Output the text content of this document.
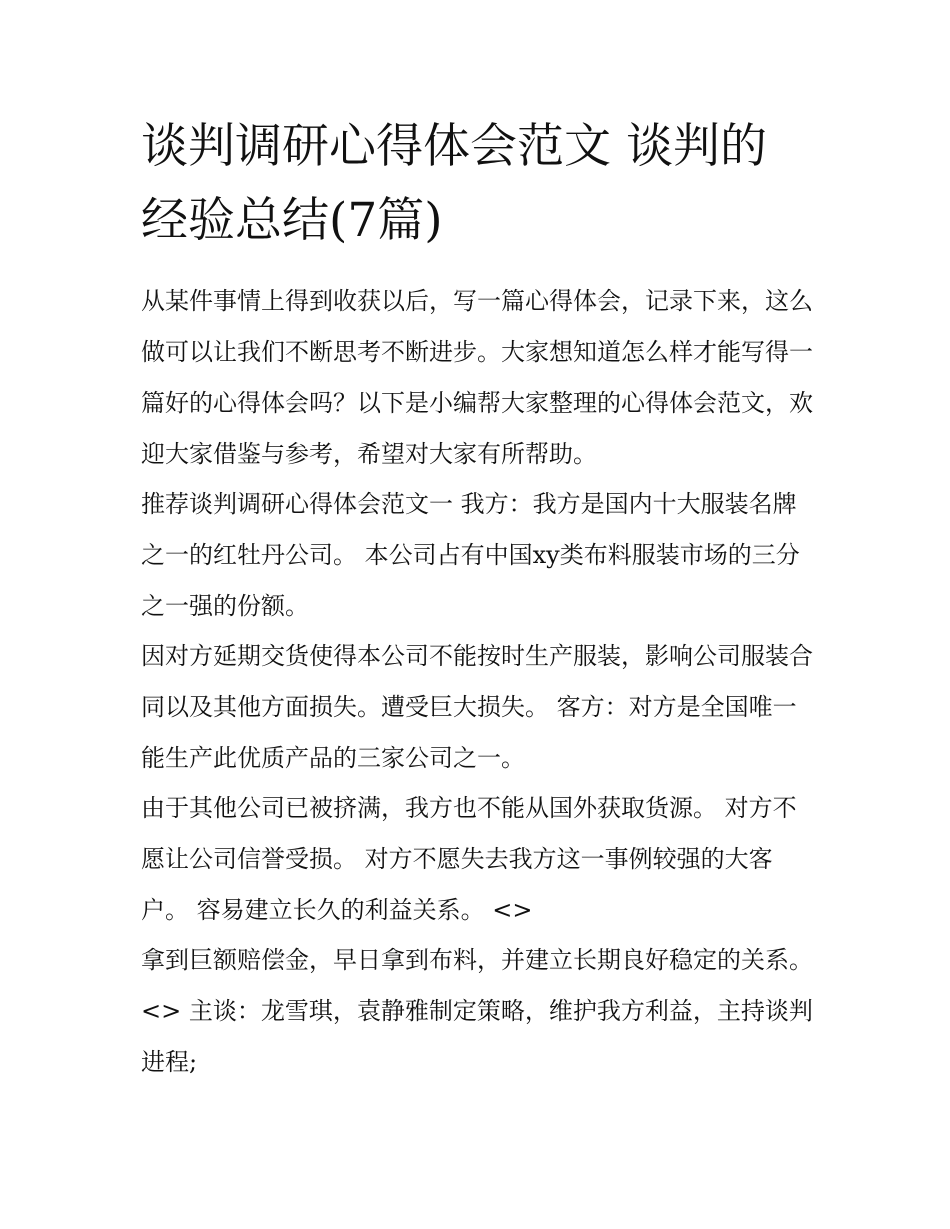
谈判调研心得体会范文 谈判的经验总结(7篇)

从某件事情上得到收获以后，写一篇心得体会，记录下来，这么做可以让我们不断思考不断进步。大家想知道怎么样才能写得一篇好的心得体会吗？以下是小编帮大家整理的心得体会范文，欢迎大家借鉴与参考，希望对大家有所帮助。

推荐谈判调研心得体会范文一 我方：我方是国内十大服装名牌之一的红牡丹公司。 本公司占有中国xy类布料服装市场的三分之一强的份额。

因对方延期交货使得本公司不能按时生产服装，影响公司服装合同以及其他方面损失。遭受巨大损失。 客方：对方是全国唯一能生产此优质产品的三家公司之一。

由于其他公司已被挤满，我方也不能从国外获取货源。 对方不愿让公司信誉受损。 对方不愿失去我方这一事例较强的大客户。 容易建立长久的利益关系。 <>

拿到巨额赔偿金，早日拿到布料，并建立长期良好稳定的关系。 <> 主谈：龙雪琪，袁静雅制定策略，维护我方利益，主持谈判进程;
